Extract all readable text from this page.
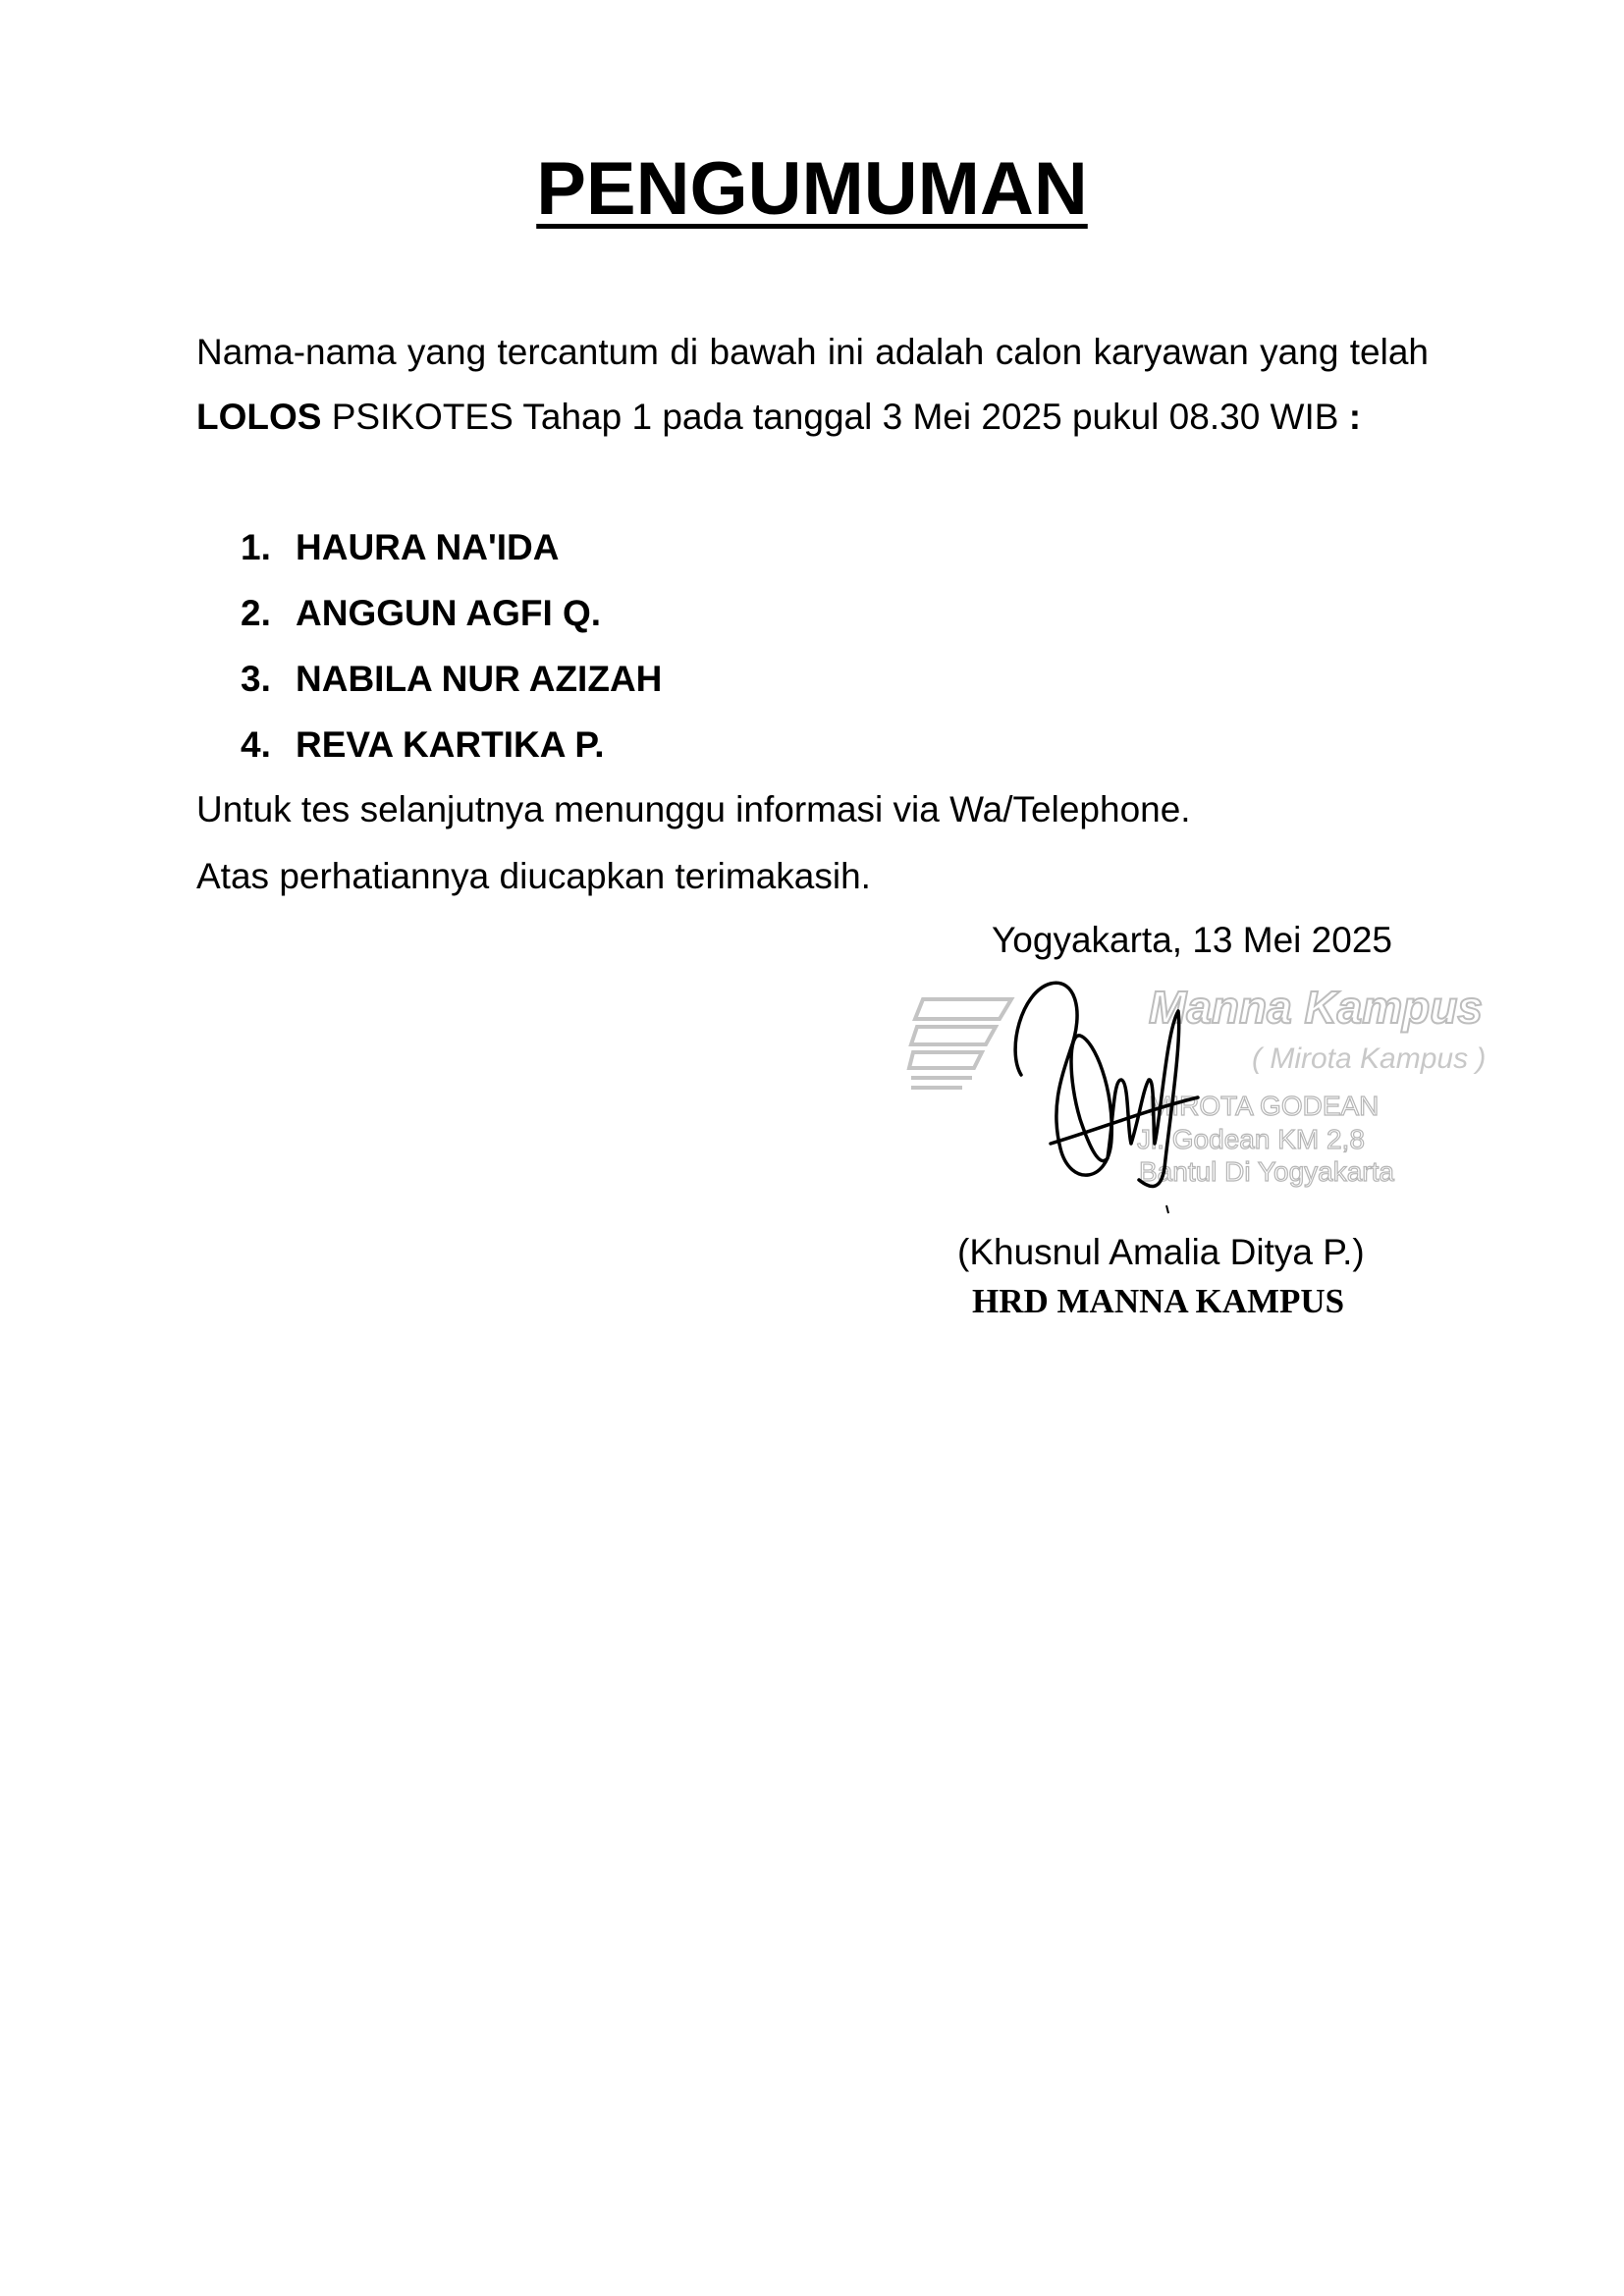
PENGUMUMAN
Nama-nama yang tercantum di bawah ini adalah calon karyawan yang telah LOLOS PSIKOTES Tahap 1 pada tanggal 3 Mei 2025 pukul 08.30 WIB :
1. HAURA NA'IDA
2. ANGGUN AGFI Q.
3. NABILA NUR AZIZAH
4. REVA KARTIKA P.
Untuk tes selanjutnya menunggu informasi via Wa/Telephone.
Atas perhatiannya diucapkan terimakasih.
Yogyakarta, 13 Mei 2025
Manna Kampus
( Mirota Kampus )
MIROTA GODEAN
Jl. Godean KM 2,8
Bantul Di Yogyakarta
(Khusnul Amalia Ditya P.)
HRD MANNA KAMPUS
